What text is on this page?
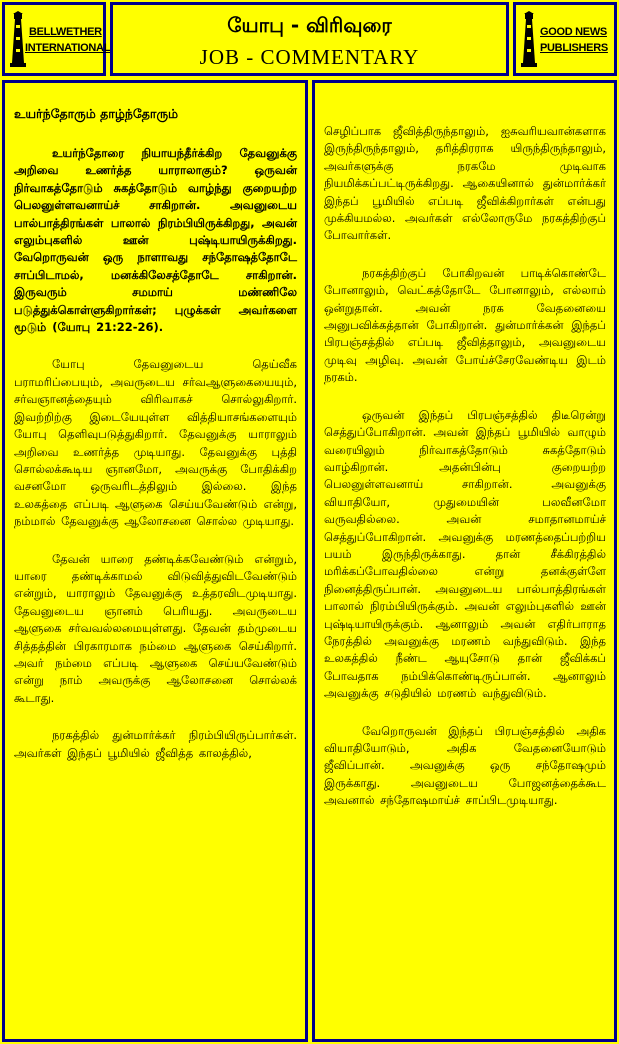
BELLWETHER
INTERNATIONAL
யோபு - விரிவுரை
JOB - COMMENTARY
GOOD NEWS
PUBLISHERS
உயர்ந்தோரும் தாழ்ந்தோரும்

உயர்ந்தோரை நியாயந்தீர்க்கிற தேவனுக்கு அறிவை உணர்த்த யாராலாகும்? ஒருவன் நிர்வாகத்தோடும் சுகத்தோடும் வாழ்ந்து குறையற்ற பெலனுள்ளவனாய்ச் சாகிறான். அவனுடைய பால்பாத்திரங்கள் பாலால் நிரம்பியிருக்கிறது, அவன் எலும்புகளில் ஊன் புஷ்டியாயிருக்கிறது. வேறொருவன் ஒரு நாளாவது சந்தோஷத்தோடே சாப்பிடாமல், மனக்கிலேசத்தோடே சாகிறான். இருவரும் சமமாய் மண்ணிலே படுத்துக்கொள்ளுகிறார்கள்; புழுக்கள் அவர்களை மூடும் (யோபு 21:22-26).

யோபு தேவனுடைய தெய்வீக பராமரிப்பையும், அவருடைய சர்வஆளுகையையும், சர்வஞானத்தையும் விரிவாகச் சொல்லுகிறார். இவற்றிற்கு இடையேயுள்ள வித்தியாசங்களையும் யோபு தெளிவுபடுத்துகிறார். தேவனுக்கு யாராலும் அறிவை உணர்த்த முடியாது. தேவனுக்கு புத்தி சொல்லக்கூடிய ஞானமோ, அவருக்கு போதிக்கிற வசனமோ ஒருவரிடத்திலும் இல்லை. இந்த உலகத்தை எப்படி ஆளுகை செய்யவேண்டும் என்று, நம்மால் தேவனுக்கு ஆலோசனை சொல்ல முடியாது.

தேவன் யாரை தண்டிக்கவேண்டும் என்றும், யாரை தண்டிக்காமல் விடுவித்துவிடவேண்டும் என்றும், யாராலும் தேவனுக்கு உத்தரவிடமுடியாது. தேவனுடைய ஞானம் பெரியது. அவருடைய ஆளுகை சர்வவல்லமையுள்ளது. தேவன் தம்முடைய சித்தத்தின் பிரகாரமாக நம்மை ஆளுகை செய்கிறார். அவர் நம்மை எப்படி ஆளுகை செய்யவேண்டும் என்று நாம் அவருக்கு ஆலோசனை சொல்லக் கூடாது.

நரகத்தில் துன்மார்க்கர் நிரம்பியிருப்பார்கள். அவர்கள் இந்தப் பூமியில் ஜீவித்த காலத்தில்,

செழிப்பாக ஜீவித்திருந்தாலும், ஐசுவரியவான்களாக இருந்திருந்தாலும், தரித்திரராக யிருந்திருந்தாலும், அவர்களுக்கு நரகமே முடிவாக நியமிக்கப்பட்டிருக்கிறது. ஆகையினால் துன்மார்க்கர் இந்தப் பூமியில் எப்படி ஜீவிக்கிறார்கள் என்பது முக்கியமல்ல. அவர்கள் எல்லோருமே நரகத்திற்குப் போவார்கள்.

நரகத்திற்குப் போகிறவன் பாடிக்கொண்டே போனாலும், வெட்கத்தோடே போனாலும், எல்லாம் ஒன்றுதான். அவன் நரக வேதனையை அனுபவிக்கத்தான் போகிறான். துன்மார்க்கன் இந்தப் பிரபஞ்சத்தில் எப்படி ஜீவித்தாலும், அவனுடைய முடிவு அழிவு. அவன் போய்ச்சேரவேண்டிய இடம் நரகம்.

ஒருவன் இந்தப் பிரபஞ்சத்தில் திடீரென்று செத்துப்போகிறான். அவன் இந்தப் பூமியில் வாழும் வரையிலும் நிர்வாகத்தோடும் சுகத்தோடும் வாழ்கிறான். அதன்பின்பு குறையற்ற பெலனுள்ளவனாய் சாகிறான். அவனுக்கு வியாதியோ, முதுமையின் பலவீனமோ வருவதில்லை. அவன் சமாதானமாய்ச் செத்துப்போகிறான். அவனுக்கு மரணத்தைப்பற்றிய பயம் இருந்திருக்காது. தான் சீக்கிரத்தில் மரிக்கப்போவதில்லை என்று தனக்குள்ளே நினைத்திருப்பான். அவனுடைய பால்பாத்திரங்கள் பாலால் நிரம்பியிருக்கும். அவன் எலும்புகளில் ஊன் புஷ்டியாயிருக்கும். ஆனாலும் அவன் எதிர்பாராத நேரத்தில் அவனுக்கு மரணம் வந்துவிடும். இந்த உலகத்தில் நீண்ட ஆயுசோடு தான் ஜீவிக்கப் போவதாக நம்பிக்கொண்டிருப்பான். ஆனாலும் அவனுக்கு சடுதியில் மரணம் வந்துவிடும்.

வேறொருவன் இந்தப் பிரபஞ்சத்தில் அதிக வியாதியோடும், அதிக வேதனையோடும் ஜீவிப்பான். அவனுக்கு ஒரு சந்தோஷமும் இருக்காது. அவனுடைய போஜனத்தைக்கூட அவனால் சந்தோஷமாய்ச் சாப்பிடமுடியாது.
